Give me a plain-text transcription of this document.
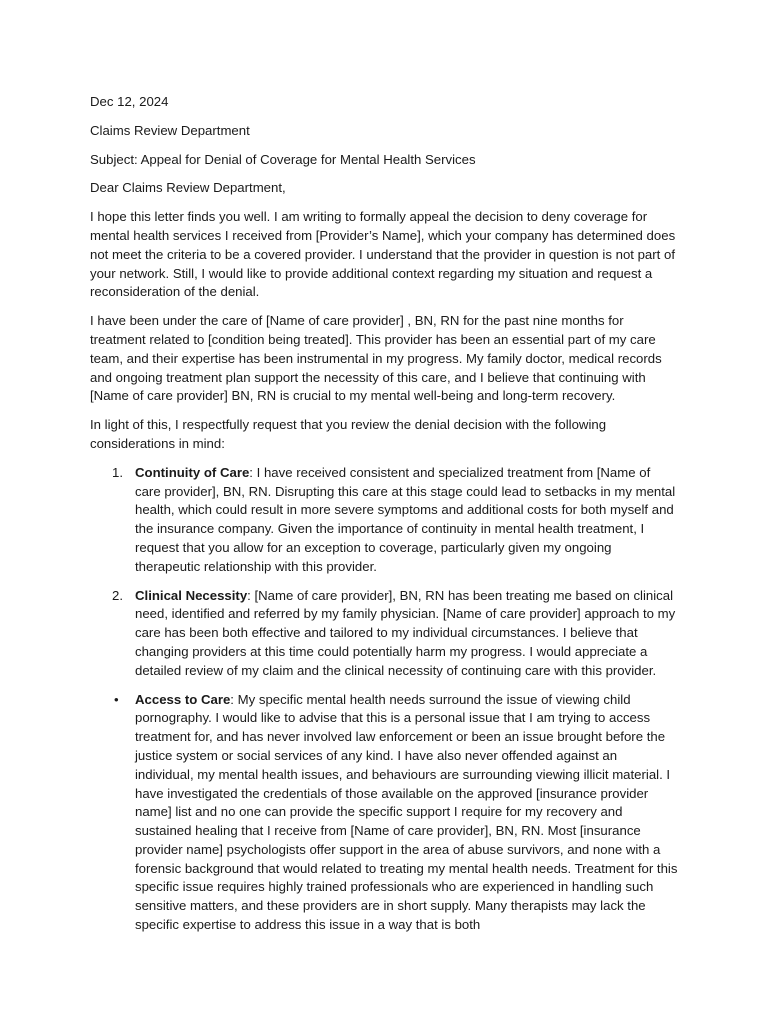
Dec 12, 2024

Claims Review Department

Subject: Appeal for Denial of Coverage for Mental Health Services

Dear Claims Review Department,

I hope this letter finds you well. I am writing to formally appeal the decision to deny coverage for mental health services I received from [Provider’s Name], which your company has determined does not meet the criteria to be a covered provider. I understand that the provider in question is not part of your network. Still, I would like to provide additional context regarding my situation and request a reconsideration of the denial.

I have been under the care of [Name of care provider] , BN, RN for the past nine months for treatment related to [condition being treated]. This provider has been an essential part of my care team, and their expertise has been instrumental in my progress. My family doctor, medical records and ongoing treatment plan support the necessity of this care, and I believe that continuing with [Name of care provider] BN, RN is crucial to my mental well-being and long-term recovery.

In light of this, I respectfully request that you review the denial decision with the following considerations in mind:

1. Continuity of Care: I have received consistent and specialized treatment from [Name of care provider], BN, RN. Disrupting this care at this stage could lead to setbacks in my mental health, which could result in more severe symptoms and additional costs for both myself and the insurance company. Given the importance of continuity in mental health treatment, I request that you allow for an exception to coverage, particularly given my ongoing therapeutic relationship with this provider.
2. Clinical Necessity: [Name of care provider], BN, RN has been treating me based on clinical need, identified and referred by my family physician. [Name of care provider] approach to my care has been both effective and tailored to my individual circumstances. I believe that changing providers at this time could potentially harm my progress. I would appreciate a detailed review of my claim and the clinical necessity of continuing care with this provider.
• Access to Care: My specific mental health needs surround the issue of viewing child pornography. I would like to advise that this is a personal issue that I am trying to access treatment for, and has never involved law enforcement or been an issue brought before the justice system or social services of any kind. I have also never offended against an individual, my mental health issues, and behaviours are surrounding viewing illicit material. I have investigated the credentials of those available on the approved [insurance provider name] list and no one can provide the specific support I require for my recovery and sustained healing that I receive from [Name of care provider], BN, RN. Most [insurance provider name] psychologists offer support in the area of abuse survivors, and none with a forensic background that would related to treating my mental health needs. Treatment for this specific issue requires highly trained professionals who are experienced in handling such sensitive matters, and these providers are in short supply. Many therapists may lack the specific expertise to address this issue in a way that is both
